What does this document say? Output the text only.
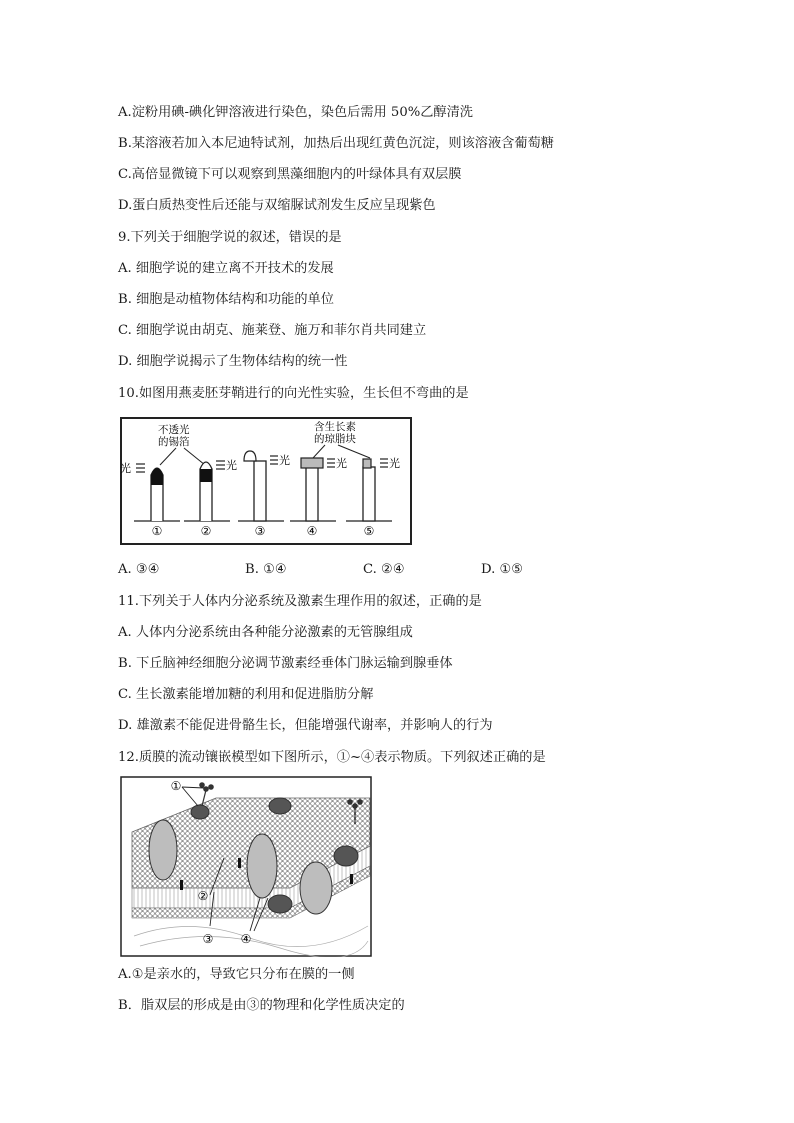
A.淀粉用碘-碘化钾溶液进行染色，染色后需用 50%乙醇清洗
B.某溶液若加入本尼迪特试剂，加热后出现红黄色沉淀，则该溶液含葡萄糖
C.高倍显微镜下可以观察到黑藻细胞内的叶绿体具有双层膜
D.蛋白质热变性后还能与双缩脲试剂发生反应呈现紫色
9.下列关于细胞学说的叙述，错误的是
A. 细胞学说的建立离不开技术的发展
B. 细胞是动植物体结构和功能的单位
C. 细胞学说由胡克、施莱登、施万和菲尔肖共同建立
D. 细胞学说揭示了生物体结构的统一性
10.如图用燕麦胚芽鞘进行的向光性实验，生长但不弯曲的是
光
不透光
的锡箔
光	光	光
含生长素
的琼脂块
光
①	②	③	④	⑤
A. ③④	B. ①④	C. ②④	D. ①⑤
11.下列关于人体内分泌系统及激素生理作用的叙述，正确的是
A. 人体内分泌系统由各种能分泌激素的无管腺组成
B. 下丘脑神经细胞分泌调节激素经垂体门脉运输到腺垂体
C. 生长激素能增加糖的利用和促进脂肪分解
D. 雄激素不能促进骨骼生长，但能增强代谢率，并影响人的行为
12.质膜的流动镶嵌模型如下图所示，①~④表示物质。下列叙述正确的是
①
②
③ ④
A.①是亲水的，导致它只分布在膜的一侧
B．脂双层的形成是由③的物理和化学性质决定的
